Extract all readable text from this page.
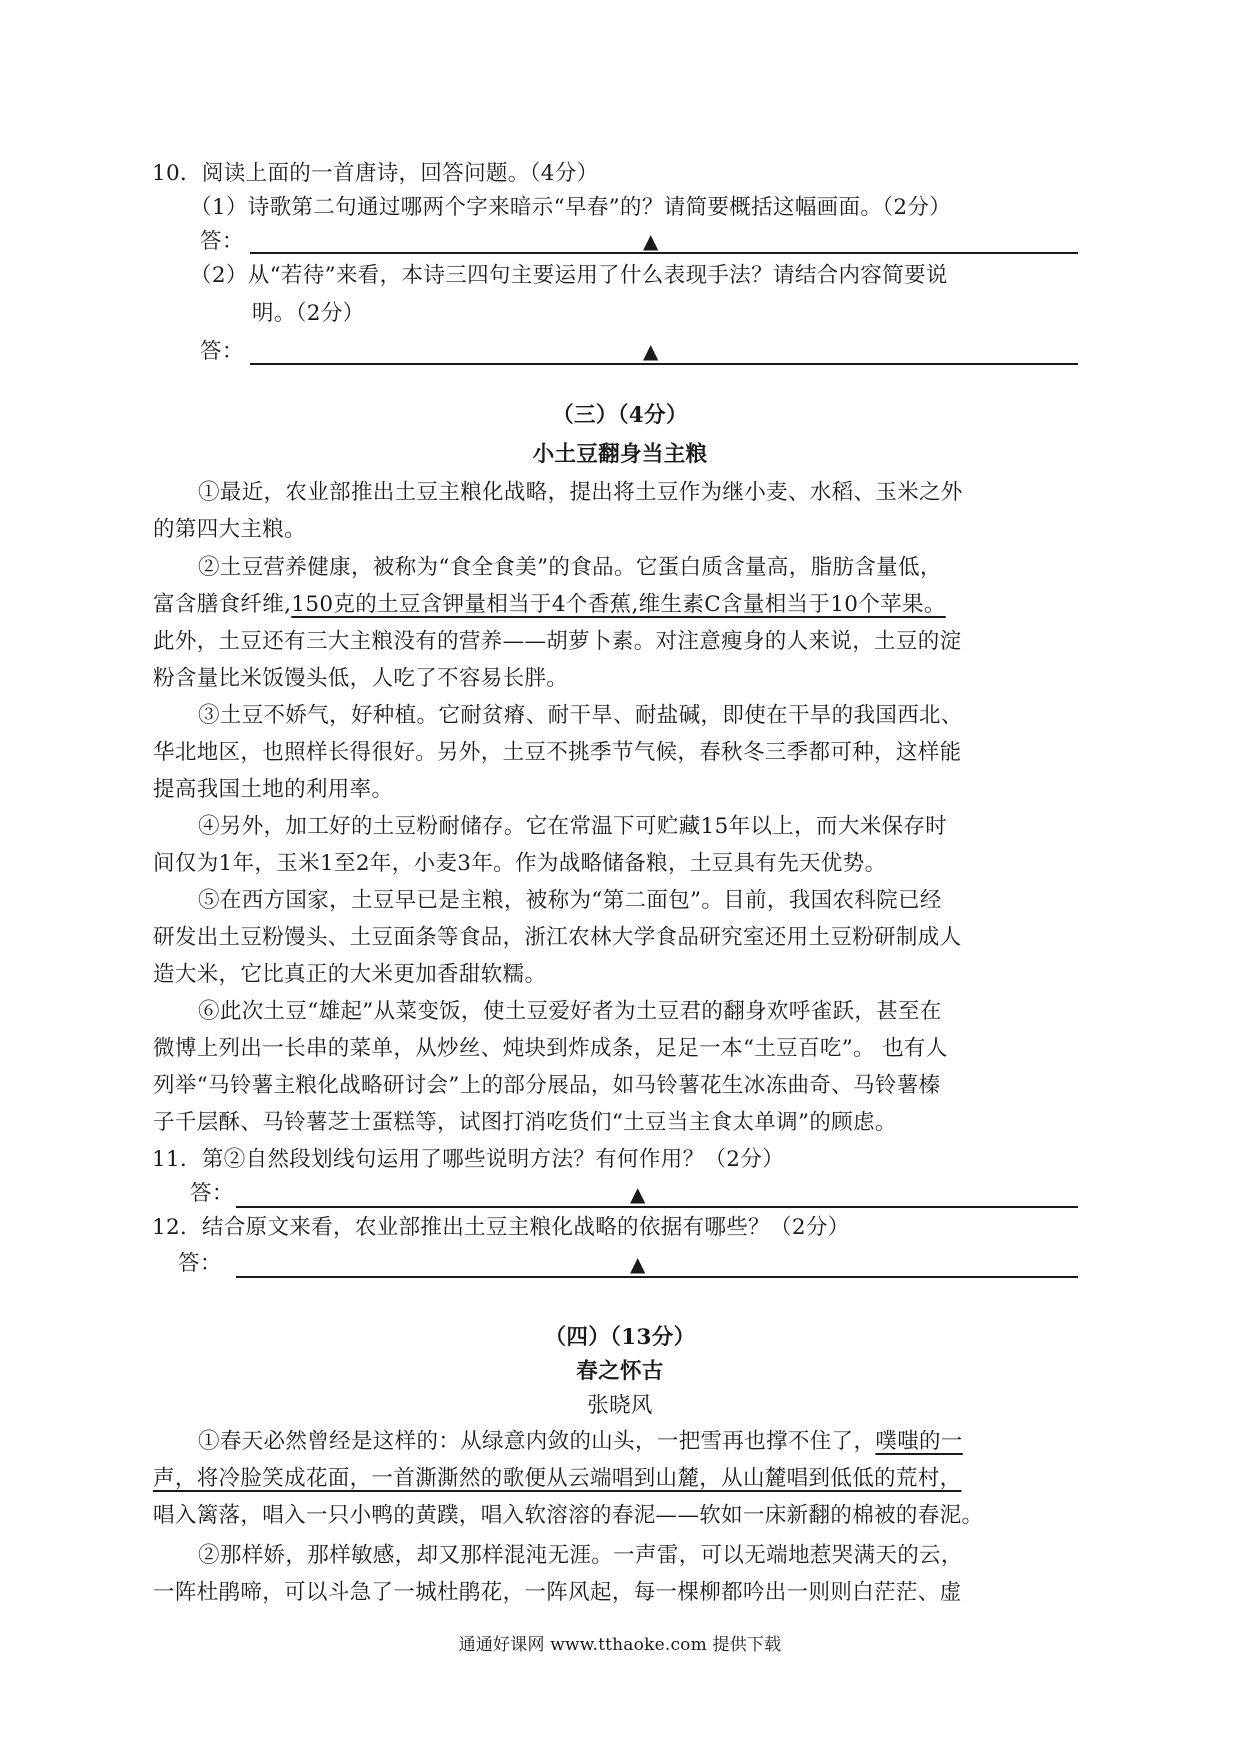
10．阅读上面的一首唐诗，回答问题。（4分）
（1）诗歌第二句通过哪两个字来暗示“早春”的？请简要概括这幅画面。（2分）
答：	▲
（2）从“若待”来看，本诗三四句主要运用了什么表现手法？请结合内容简要说
明。（2分）
答：	▲
（三）（4分）
小土豆翻身当主粮
①最近，农业部推出土豆主粮化战略，提出将土豆作为继小麦、水稻、玉米之外
的第四大主粮。
②土豆营养健康，被称为“食全食美”的食品。它蛋白质含量高，脂肪含量低，
富含膳食纤维,150克的土豆含钾量相当于4个香蕉,维生素C含量相当于10个苹果。
此外，土豆还有三大主粮没有的营养——胡萝卜素。对注意瘦身的人来说，土豆的淀
粉含量比米饭馒头低，人吃了不容易长胖。
③土豆不娇气，好种植。它耐贫瘠、耐干旱、耐盐碱，即使在干旱的我国西北、
华北地区，也照样长得很好。另外，土豆不挑季节气候，春秋冬三季都可种，这样能
提高我国土地的利用率。
④另外，加工好的土豆粉耐储存。它在常温下可贮藏15年以上，而大米保存时
间仅为1年，玉米1至2年，小麦3年。作为战略储备粮，土豆具有先天优势。
⑤在西方国家，土豆早已是主粮，被称为“第二面包”。目前，我国农科院已经
研发出土豆粉馒头、土豆面条等食品，浙江农林大学食品研究室还用土豆粉研制成人
造大米，它比真正的大米更加香甜软糯。
⑥此次土豆“雄起”从菜变饭，使土豆爱好者为土豆君的翻身欢呼雀跃，甚至在
微博上列出一长串的菜单，从炒丝、炖块到炸成条，足足一本“土豆百吃”。 也有人
列举“马铃薯主粮化战略研讨会”上的部分展品，如马铃薯花生冰冻曲奇、马铃薯榛
子千层酥、马铃薯芝士蛋糕等，试图打消吃货们“土豆当主食太单调”的顾虑。
11．第②自然段划线句运用了哪些说明方法？有何作用？（2分）
答：	▲
12．结合原文来看，农业部推出土豆主粮化战略的依据有哪些？（2分）
答：	▲
（四）（13分）
春之怀古
张晓风
①春天必然曾经是这样的：从绿意内敛的山头，一把雪再也撑不住了，噗嗤的一
声，将冷脸笑成花面，一首澌澌然的歌便从云端唱到山麓，从山麓唱到低低的荒村，
唱入篱落，唱入一只小鸭的黄蹼，唱入软溶溶的春泥——软如一床新翻的棉被的春泥。
②那样娇，那样敏感，却又那样混沌无涯。一声雷，可以无端地惹哭满天的云，
一阵杜鹃啼，可以斗急了一城杜鹃花，一阵风起，每一棵柳都吟出一则则白茫茫、虚
通通好课网 www.tthaoke.com 提供下载
